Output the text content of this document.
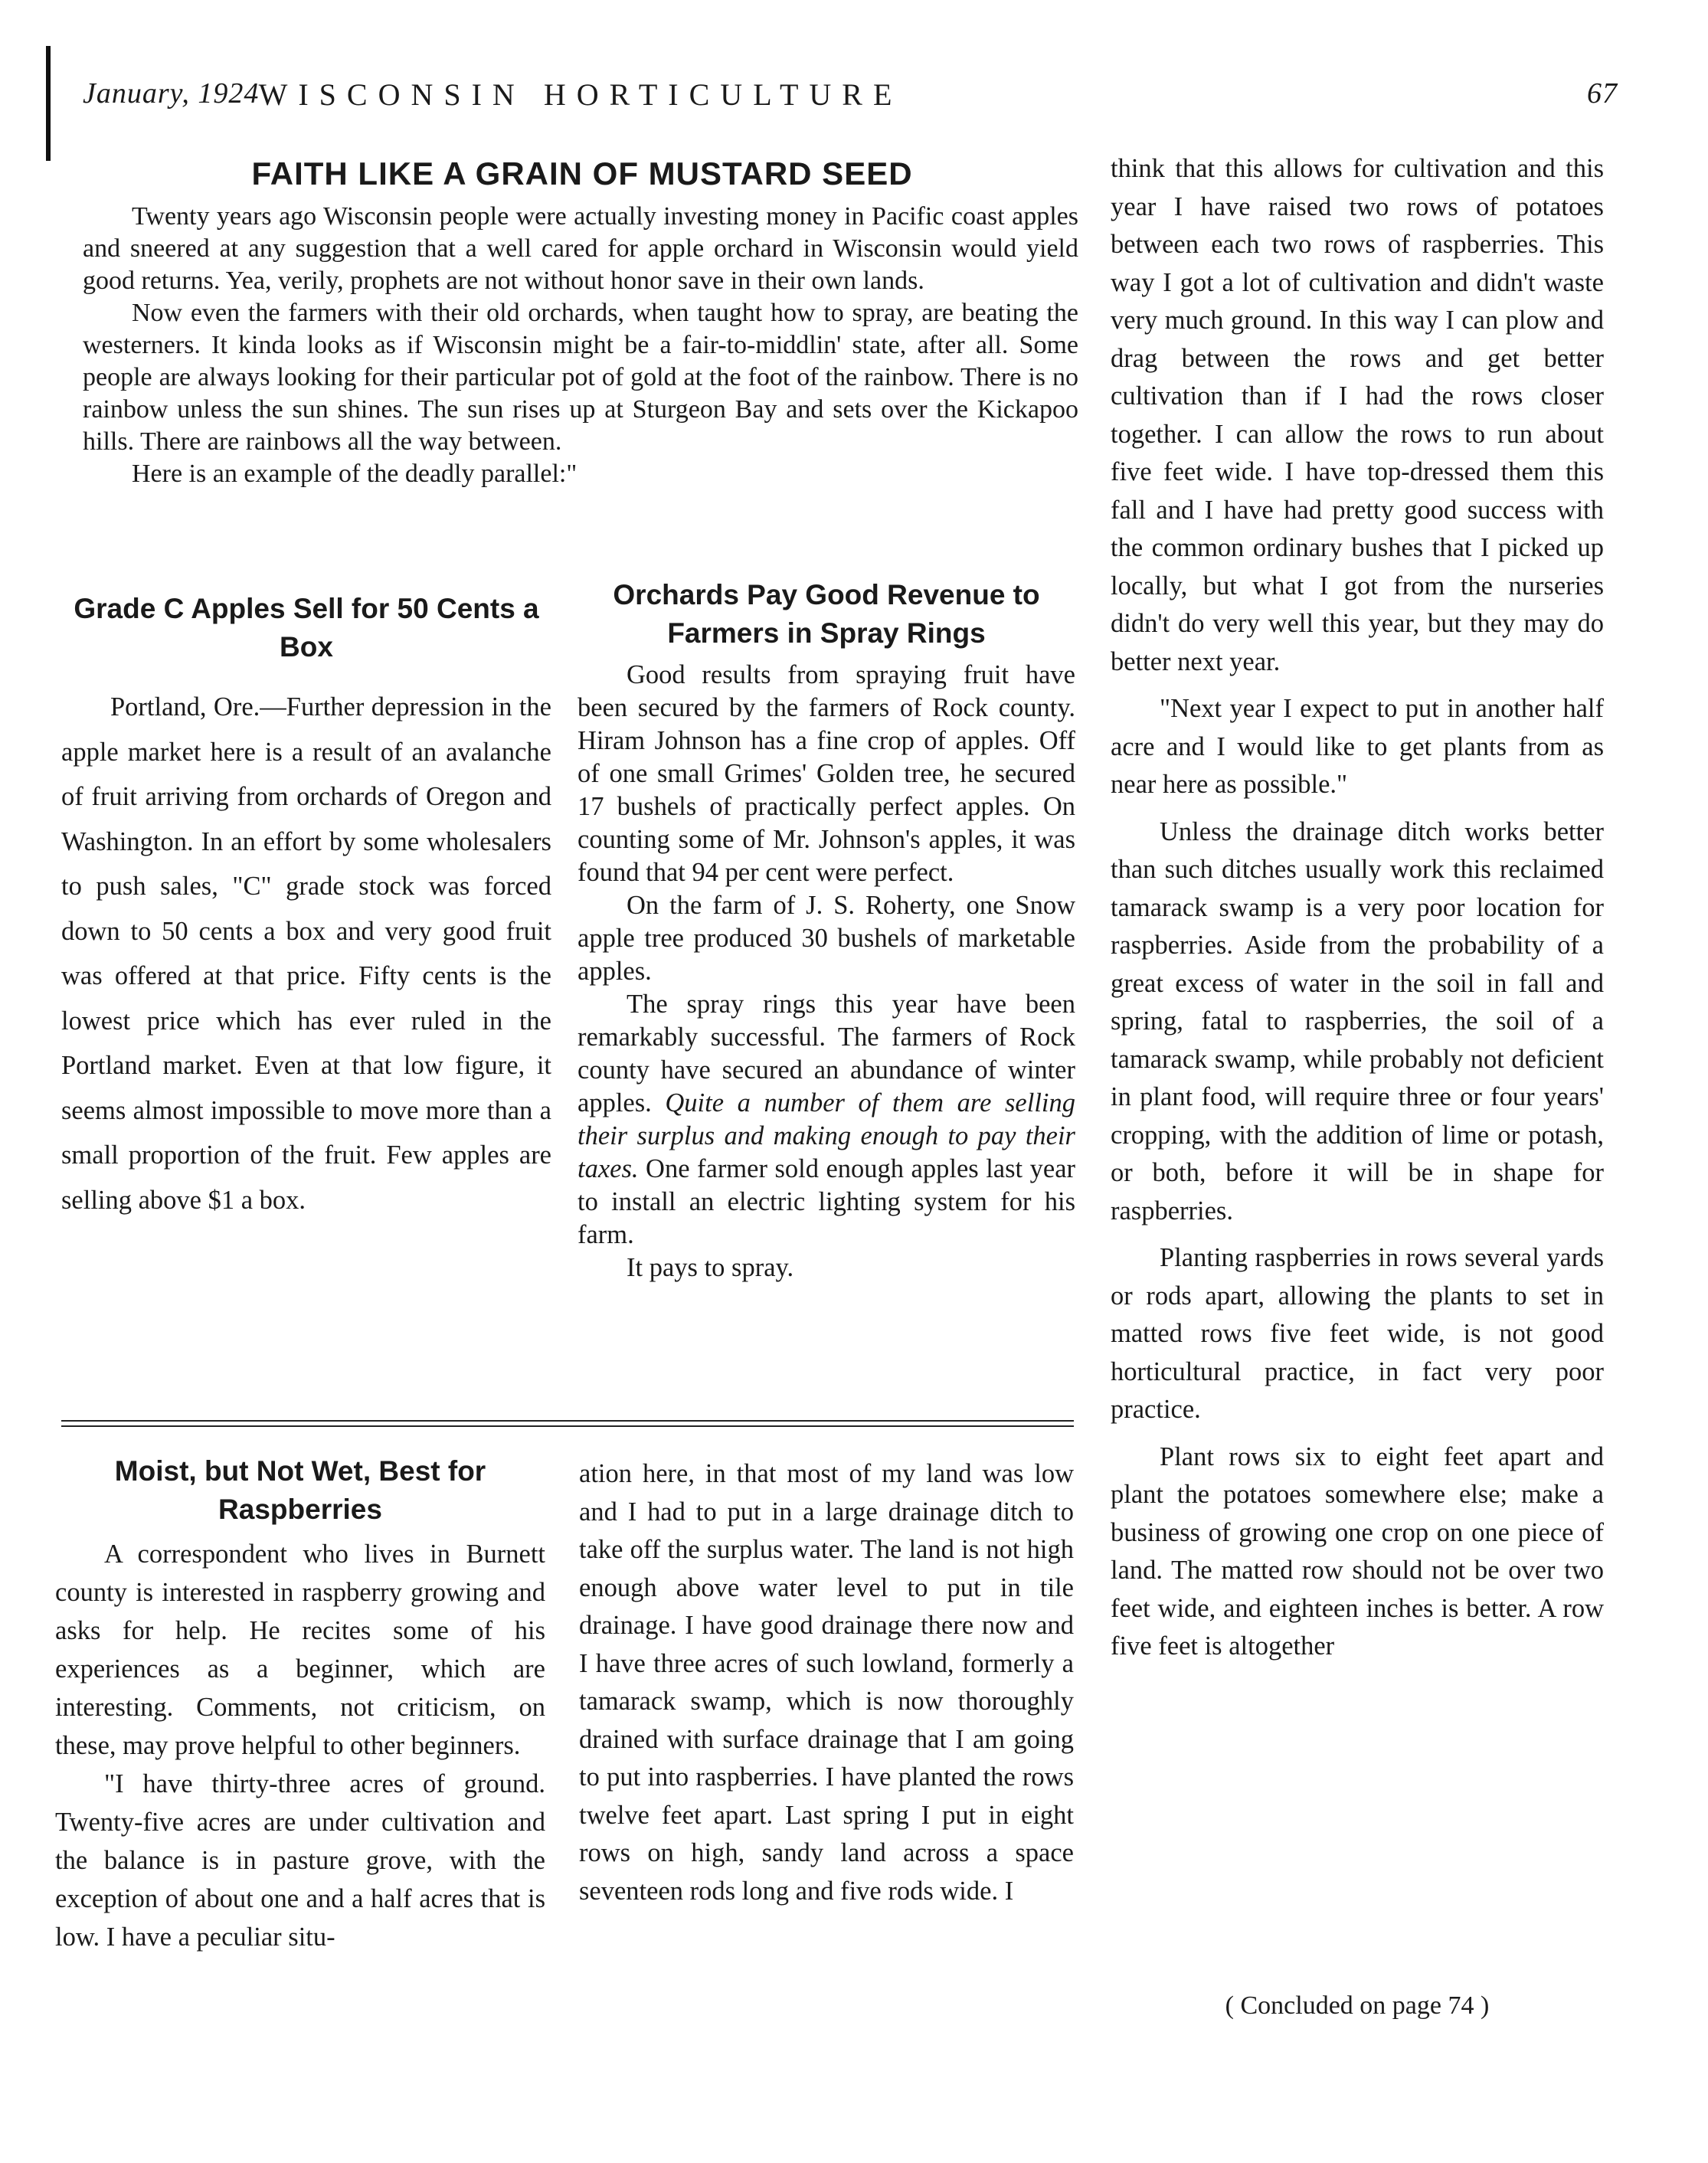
January, 1924 WISCONSIN HORTICULTURE	67
FAITH LIKE A GRAIN OF MUSTARD SEED

Twenty years ago Wisconsin people were actually investing money in Pacific coast apples and sneered at any suggestion that a well cared for apple orchard in Wisconsin would yield good returns. Yea, verily, prophets are not without honor save in their own lands.

Now even the farmers with their old orchards, when taught how to spray, are beating the westerners. It kinda looks as if Wisconsin might be a fair-to-middlin' state, after all. Some people are always looking for their particular pot of gold at the foot of the rainbow. There is no rainbow unless the sun shines. The sun rises up at Sturgeon Bay and sets over the Kickapoo hills. There are rainbows all the way between.

Here is an example of the deadly parallel:"

Grade C Apples Sell for 50 Cents a Box

Portland, Ore.—Further depression in the apple market here is a result of an avalanche of fruit arriving from orchards of Oregon and Washington. In an effort by some wholesalers to push sales, "C" grade stock was forced down to 50 cents a box and very good fruit was offered at that price. Fifty cents is the lowest price which has ever ruled in the Portland market. Even at that low figure, it seems almost impossible to move more than a small proportion of the fruit. Few apples are selling above $1 a box.

Orchards Pay Good Revenue to Farmers in Spray Rings

Good results from spraying fruit have been secured by the farmers of Rock county. Hiram Johnson has a fine crop of apples. Off of one small Grimes' Golden tree, he secured 17 bushels of practically perfect apples. On counting some of Mr. Johnson's apples, it was found that 94 per cent were perfect.

On the farm of J. S. Roherty, one Snow apple tree produced 30 bushels of marketable apples.

The spray rings this year have been remarkably successful. The farmers of Rock county have secured an abundance of winter apples. Quite a number of them are selling their surplus and making enough to pay their taxes. One farmer sold enough apples last year to install an electric lighting system for his farm.

It pays to spray.

Moist, but Not Wet, Best for Raspberries

A correspondent who lives in Burnett county is interested in raspberry growing and asks for help. He recites some of his experiences as a beginner, which are interesting. Comments, not criticism, on these, may prove helpful to other beginners.

"I have thirty-three acres of ground. Twenty-five acres are under cultivation and the balance is in pasture grove, with the exception of about one and a half acres that is low. I have a peculiar situ-

ation here, in that most of my land was low and I had to put in a large drainage ditch to take off the surplus water. The land is not high enough above water level to put in tile drainage. I have good drainage there now and I have three acres of such lowland, formerly a tamarack swamp, which is now thoroughly drained with surface drainage that I am going to put into raspberries. I have planted the rows twelve feet apart. Last spring I put in eight rows on high, sandy land across a space seventeen rods long and five rods wide. I

think that this allows for cultivation and this year I have raised two rows of potatoes between each two rows of raspberries. This way I got a lot of cultivation and didn't waste very much ground. In this way I can plow and drag between the rows and get better cultivation than if I had the rows closer together. I can allow the rows to run about five feet wide. I have top-dressed them this fall and I have had pretty good success with the common ordinary bushes that I picked up locally, but what I got from the nurseries didn't do very well this year, but they may do better next year.

"Next year I expect to put in another half acre and I would like to get plants from as near here as possible."

Unless the drainage ditch works better than such ditches usually work this reclaimed tamarack swamp is a very poor location for raspberries. Aside from the probability of a great excess of water in the soil in fall and spring, fatal to raspberries, the soil of a tamarack swamp, while probably not deficient in plant food, will require three or four years' cropping, with the addition of lime or potash, or both, before it will be in shape for raspberries.

Planting raspberries in rows several yards or rods apart, allowing the plants to set in matted rows five feet wide, is not good horticultural practice, in fact very poor practice.

Plant rows six to eight feet apart and plant the potatoes somewhere else; make a business of growing one crop on one piece of land. The matted row should not be over two feet wide, and eighteen inches is better. A row five feet is altogether

( Concluded on page 74 )
